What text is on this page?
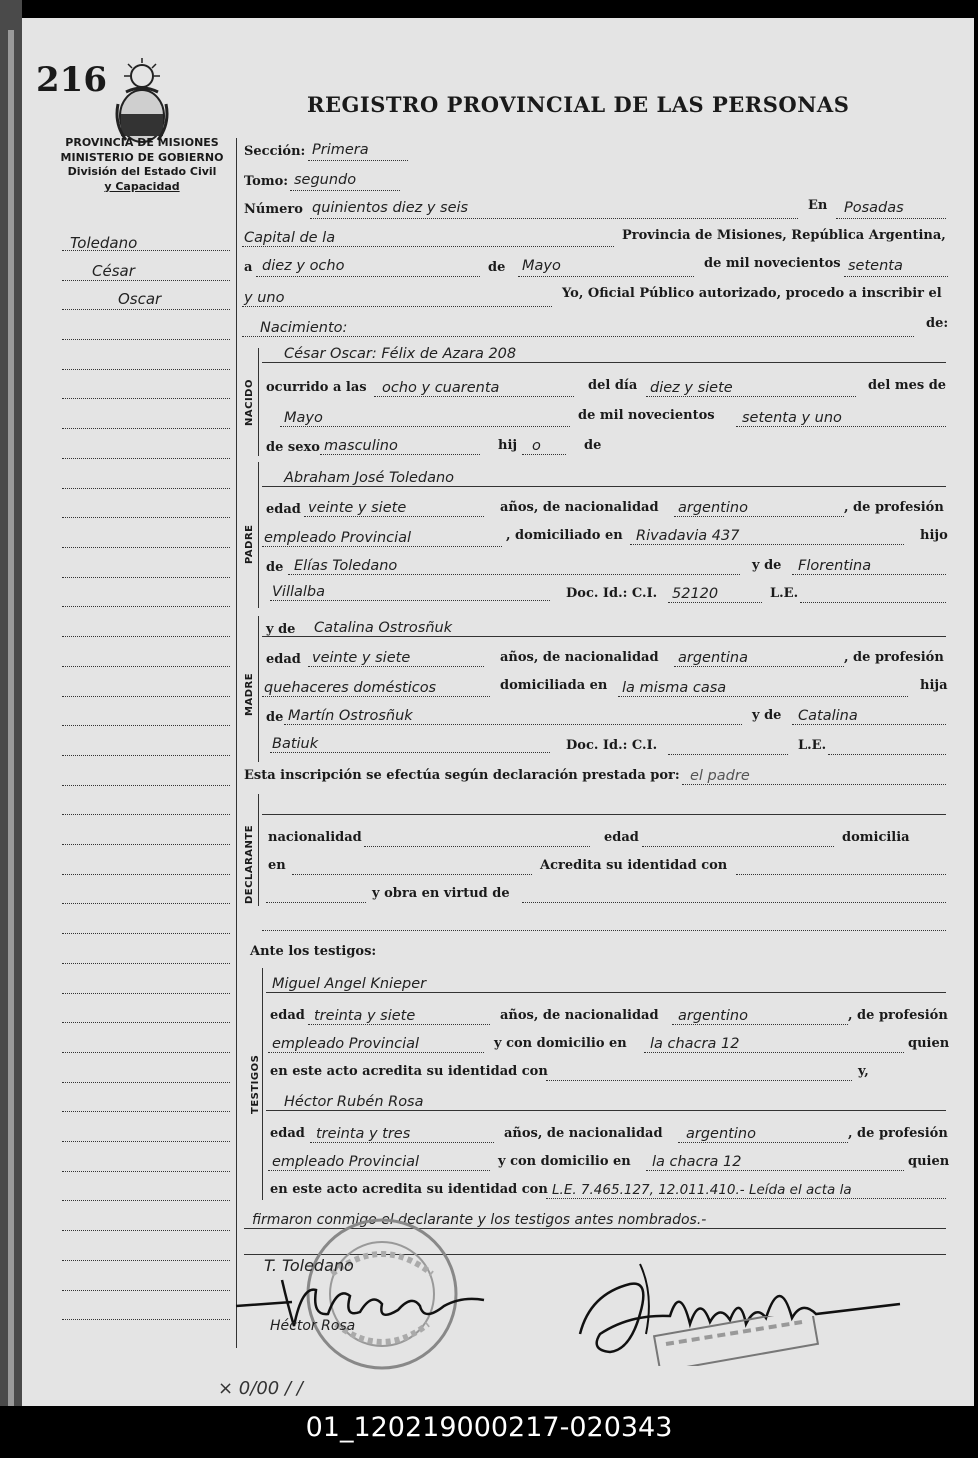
216
REGISTRO PROVINCIAL DE LAS PERSONAS
PROVINCIA DE MISIONES
MINISTERIO DE GOBIERNO
División del Estado Civil
y Capacidad
Toledano
César
Oscar
Sección: Primera
Tomo: segundo
Número quinientos diez y seis	En Posadas
Capital de la	Provincia de Misiones, República Argentina,
a diez y ocho	de Mayo	de mil novecientos setenta
y uno	Yo, Oficial Público autorizado, procedo a inscribir el
Nacimiento:	de:
NACIDO
César Oscar: Félix de Azara 208
ocurrido a las ocho y cuarenta	del día diez y siete	del mes de
Mayo	de mil novecientos setenta y uno
de sexo masculino	hij o	de
PADRE
Abraham José Toledano
edad veinte y siete	años, de nacionalidad argentino	, de profesión
empleado Provincial	, domiciliado en Rivadavia 437	hijo
de Elías Toledano	y de Florentina
Villalba	Doc. Id.: C.I. 52120	L.E.
MADRE
y de Catalina Ostrosñuk
edad veinte y siete	años, de nacionalidad argentina	, de profesión
quehaceres domésticos	domiciliada en la misma casa	hija
de Martín Ostrosñuk	y de Catalina
Batiuk	Doc. Id.: C.I.	L.E.
Esta inscripción se efectúa según declaración prestada por: el padre
DECLARANTE nacionalidad	edad	domicilia
en	Acredita su identidad con
y obra en virtud de
Ante los testigos:
TESTIGOS
Miguel Angel Knieper
edad treinta y siete	años, de nacionalidad argentino	, de profesión
empleado Provincial	y con domicilio en la chacra 12	quien
en este acto acredita su identidad con	y,
Héctor Rubén Rosa
edad treinta y tres	años, de nacionalidad argentino	, de profesión
empleado Provincial	y con domicilio en la chacra 12	quien
en este acto acredita su identidad con L.E. 7.465.127, 12.011.410.- Leída el acta la
firmaron conmigo el declarante y los testigos antes nombrados.-
T. Toledano
Héctor Rosa
× 0/00 / /
01_120219000217-020343
